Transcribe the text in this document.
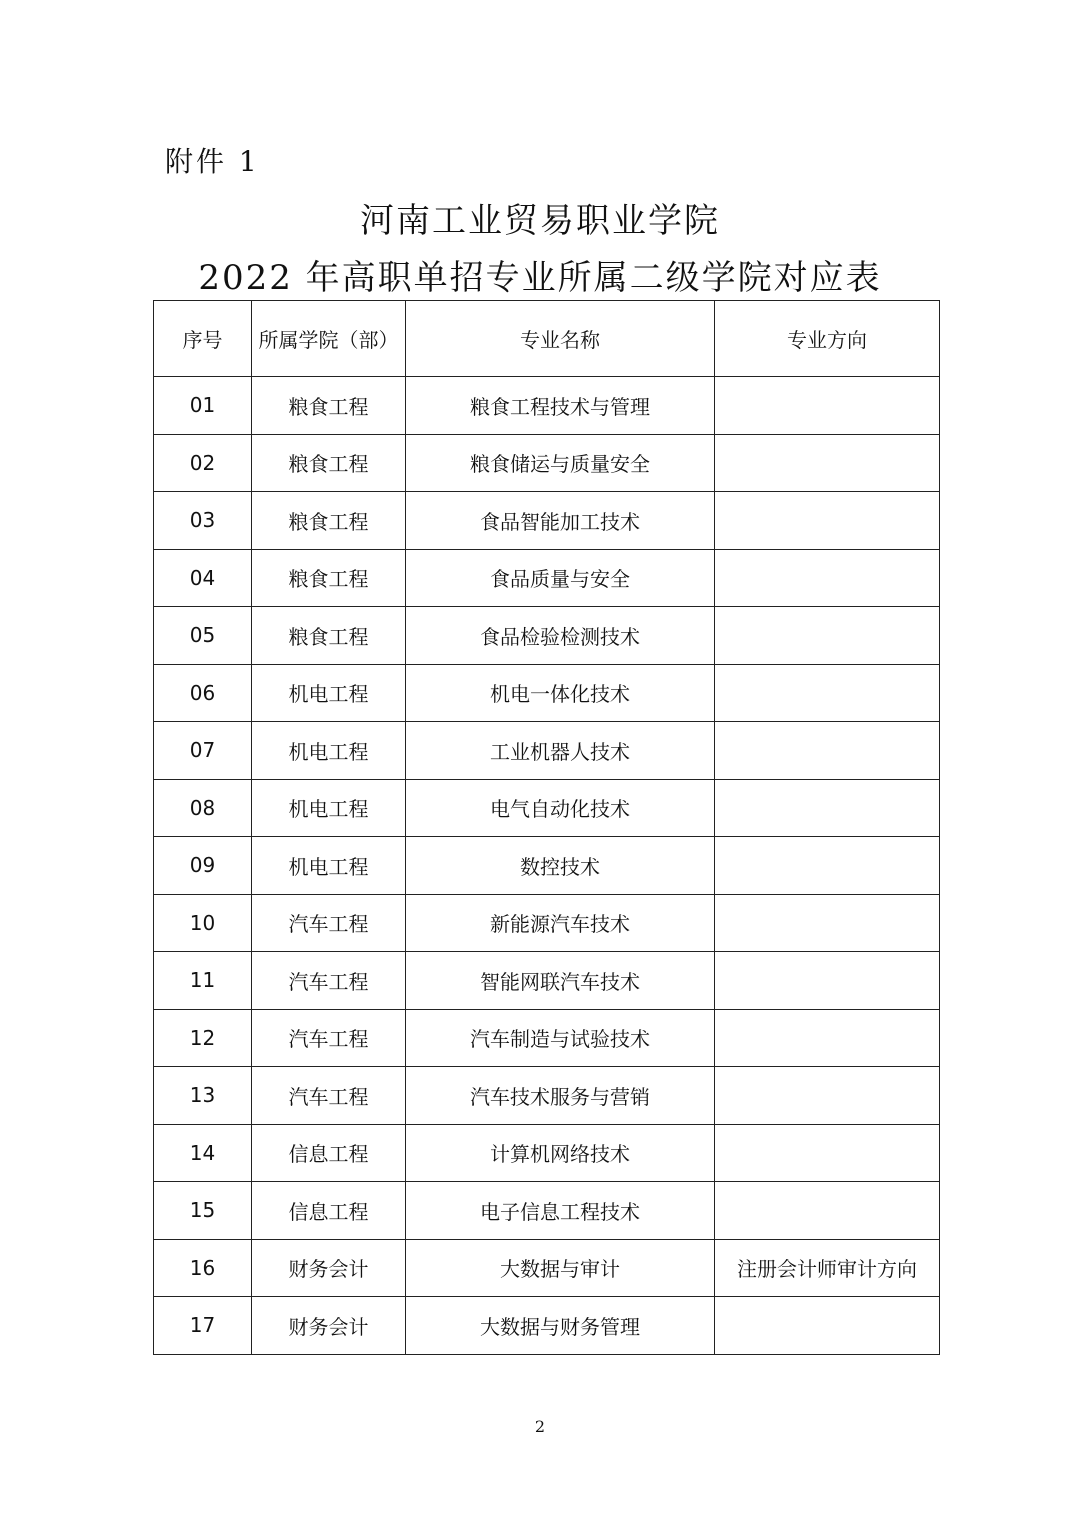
附件 1
河南工业贸易职业学院
2022 年高职单招专业所属二级学院对应表
序号	所属学院（部）	专业名称	专业方向
01	粮食工程	粮食工程技术与管理	
02	粮食工程	粮食储运与质量安全	
03	粮食工程	食品智能加工技术	
04	粮食工程	食品质量与安全	
05	粮食工程	食品检验检测技术	
06	机电工程	机电一体化技术	
07	机电工程	工业机器人技术	
08	机电工程	电气自动化技术	
09	机电工程	数控技术	
10	汽车工程	新能源汽车技术	
11	汽车工程	智能网联汽车技术	
12	汽车工程	汽车制造与试验技术	
13	汽车工程	汽车技术服务与营销	
14	信息工程	计算机网络技术	
15	信息工程	电子信息工程技术	
16	财务会计	大数据与审计	注册会计师审计方向
17	财务会计	大数据与财务管理	
2
